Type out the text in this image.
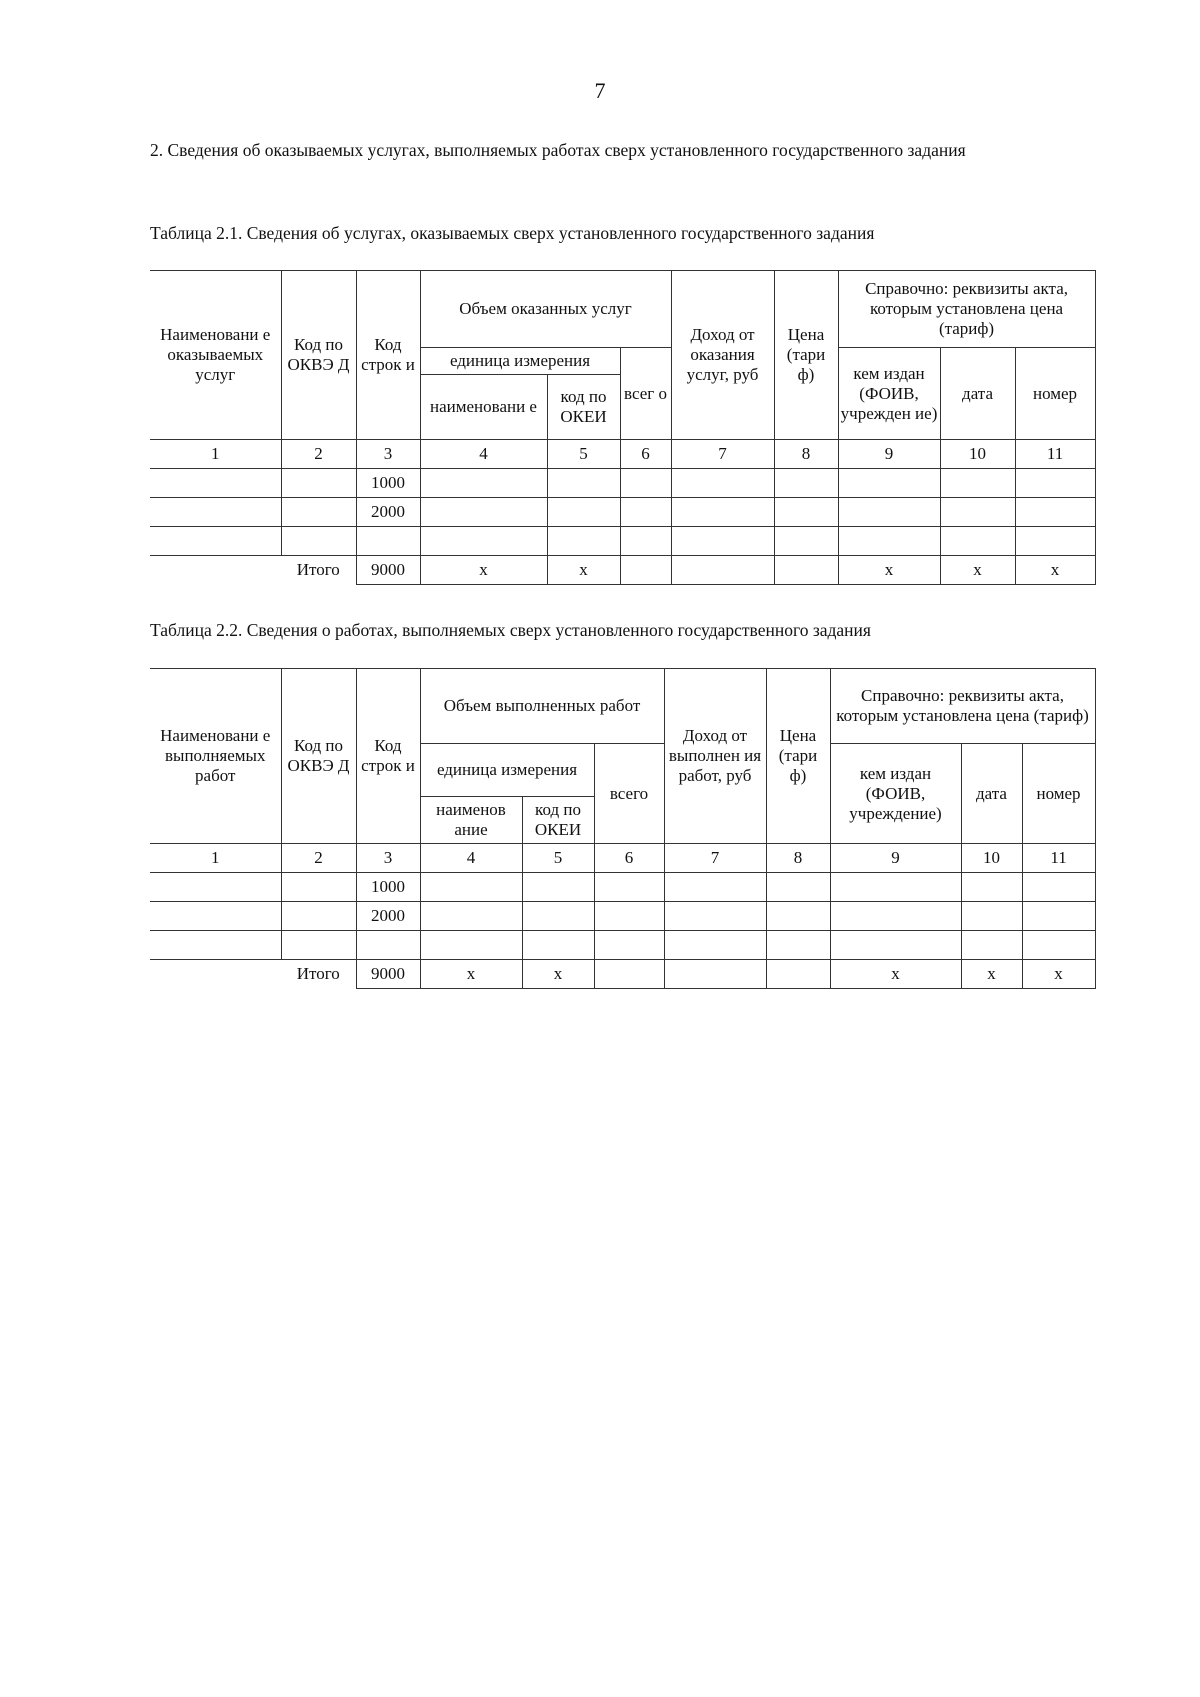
7
2. Сведения об оказываемых услугах, выполняемых работах сверх установленного государственного задания
Таблица 2.1. Сведения об услугах, оказываемых сверх установленного государственного задания
Наименовани е оказываемых услуг	Код по ОКВЭ Д	Код строк и	Объем оказанных услуг			Доход от оказания услуг, руб	Цена (тари ф)	Справочно: реквизиты акта, которым установлена цена (тариф)		
			единица измерения		всег о			кем издан (ФОИВ, учрежден ие)	дата	номер
			наименовани е	код по ОКЕИ						
1	2	3	4	5	6	7	8	9	10	11
		1000								
		2000								

	Итого	9000	x	x				x	x	x
Таблица 2.2. Сведения о работах, выполняемых сверх установленного государственного задания
Наименовани е выполняемых работ	Код по ОКВЭ Д	Код строк и	Объем выполненных работ			Доход от выполнен ия работ, руб	Цена (тари ф)	Справочно: реквизиты акта, которым установлена цена (тариф)		
			единица измерения		всего			кем издан (ФОИВ, учреждение)	дата	номер
			наименов ание	код по ОКЕИ						
1	2	3	4	5	6	7	8	9	10	11
		1000								
		2000								

	Итого	9000	x	x				x	x	x
